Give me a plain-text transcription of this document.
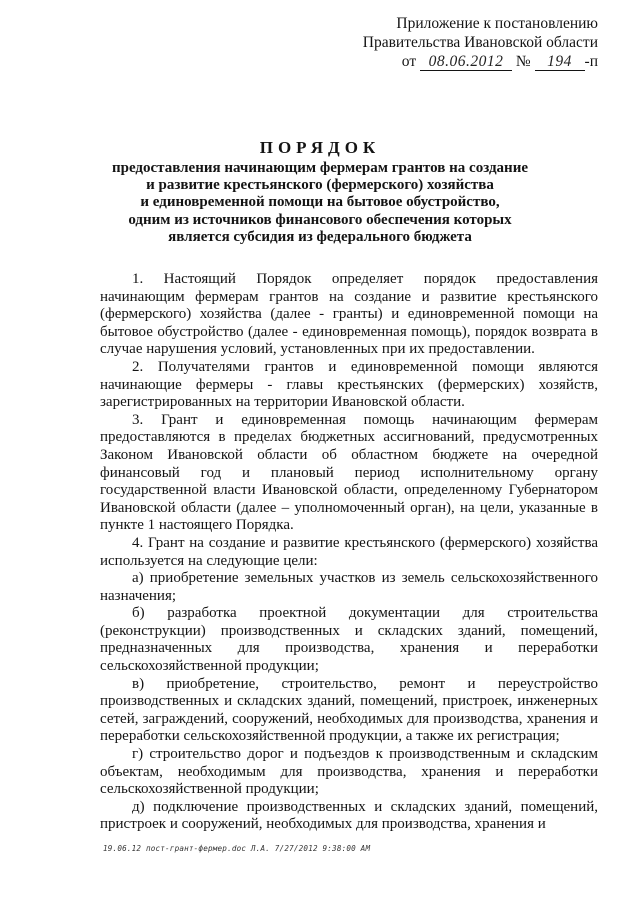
Приложение к постановлению
Правительства Ивановской области
от 08.06.2012 № 194 -п
ПОРЯДОК
предоставления начинающим фермерам грантов на создание
и развитие крестьянского (фермерского) хозяйства
и единовременной помощи на бытовое обустройство,
одним из источников финансового обеспечения которых
является субсидия из федерального бюджета

1. Настоящий Порядок определяет порядок предоставления начинающим фермерам грантов на создание и развитие крестьянского (фермерского) хозяйства (далее - гранты) и единовременной помощи на бытовое обустройство (далее - единовременная помощь), порядок возврата в случае нарушения условий, установленных при их предоставлении.

2. Получателями грантов и единовременной помощи являются начинающие фермеры - главы крестьянских (фермерских) хозяйств, зарегистрированных на территории Ивановской области.

3. Грант и единовременная помощь начинающим фермерам предоставляются в пределах бюджетных ассигнований, предусмотренных Законом Ивановской области об областном бюджете на очередной финансовый год и плановый период исполнительному органу государственной власти Ивановской области, определенному Губернатором Ивановской области (далее – уполномоченный орган), на цели, указанные в пункте 1 настоящего Порядка.

4. Грант на создание и развитие крестьянского (фермерского) хозяйства используется на следующие цели:

а) приобретение земельных участков из земель сельскохозяйственного назначения;

б) разработка проектной документации для строительства (реконструкции) производственных и складских зданий, помещений, предназначенных для производства, хранения и переработки сельскохозяйственной продукции;

в) приобретение, строительство, ремонт и переустройство производственных и складских зданий, помещений, пристроек, инженерных сетей, заграждений, сооружений, необходимых для производства, хранения и переработки сельскохозяйственной продукции, а также их регистрация;

г) строительство дорог и подъездов к производственным и складским объектам, необходимым для производства, хранения и переработки сельскохозяйственной продукции;

д) подключение производственных и складских зданий, помещений, пристроек и сооружений, необходимых для производства, хранения и

19.06.12 пост-грант-фермер.doc Л.А. 7/27/2012 9:38:00 AM
